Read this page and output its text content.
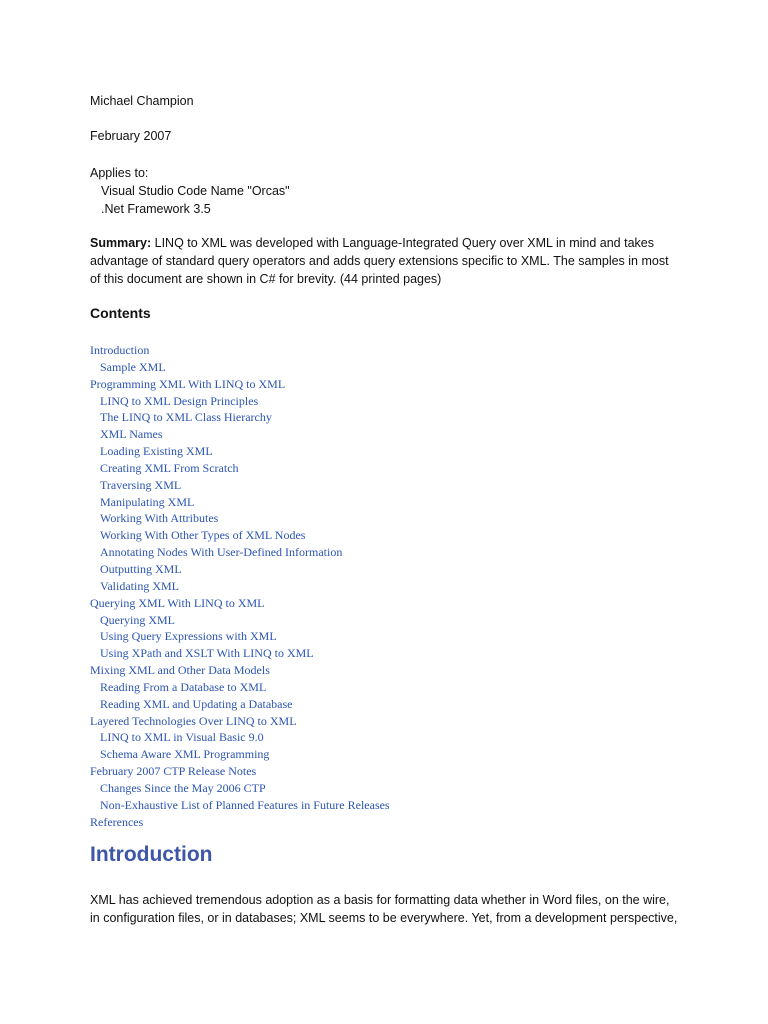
Michael Champion
February 2007
Applies to:
Visual Studio Code Name "Orcas"
.Net Framework 3.5
Summary: LINQ to XML was developed with Language-Integrated Query over XML in mind and takes advantage of standard query operators and adds query extensions specific to XML. The samples in most of this document are shown in C# for brevity. (44 printed pages)
Contents
Introduction
Sample XML
Programming XML With LINQ to XML
LINQ to XML Design Principles
The LINQ to XML Class Hierarchy
XML Names
Loading Existing XML
Creating XML From Scratch
Traversing XML
Manipulating XML
Working With Attributes
Working With Other Types of XML Nodes
Annotating Nodes With User-Defined Information
Outputting XML
Validating XML
Querying XML With LINQ to XML
Querying XML
Using Query Expressions with XML
Using XPath and XSLT With LINQ to XML
Mixing XML and Other Data Models
Reading From a Database to XML
Reading XML and Updating a Database
Layered Technologies Over LINQ to XML
LINQ to XML in Visual Basic 9.0
Schema Aware XML Programming
February 2007 CTP Release Notes
Changes Since the May 2006 CTP
Non-Exhaustive List of Planned Features in Future Releases
References
Introduction
XML has achieved tremendous adoption as a basis for formatting data whether in Word files, on the wire, in configuration files, or in databases; XML seems to be everywhere. Yet, from a development perspective,
